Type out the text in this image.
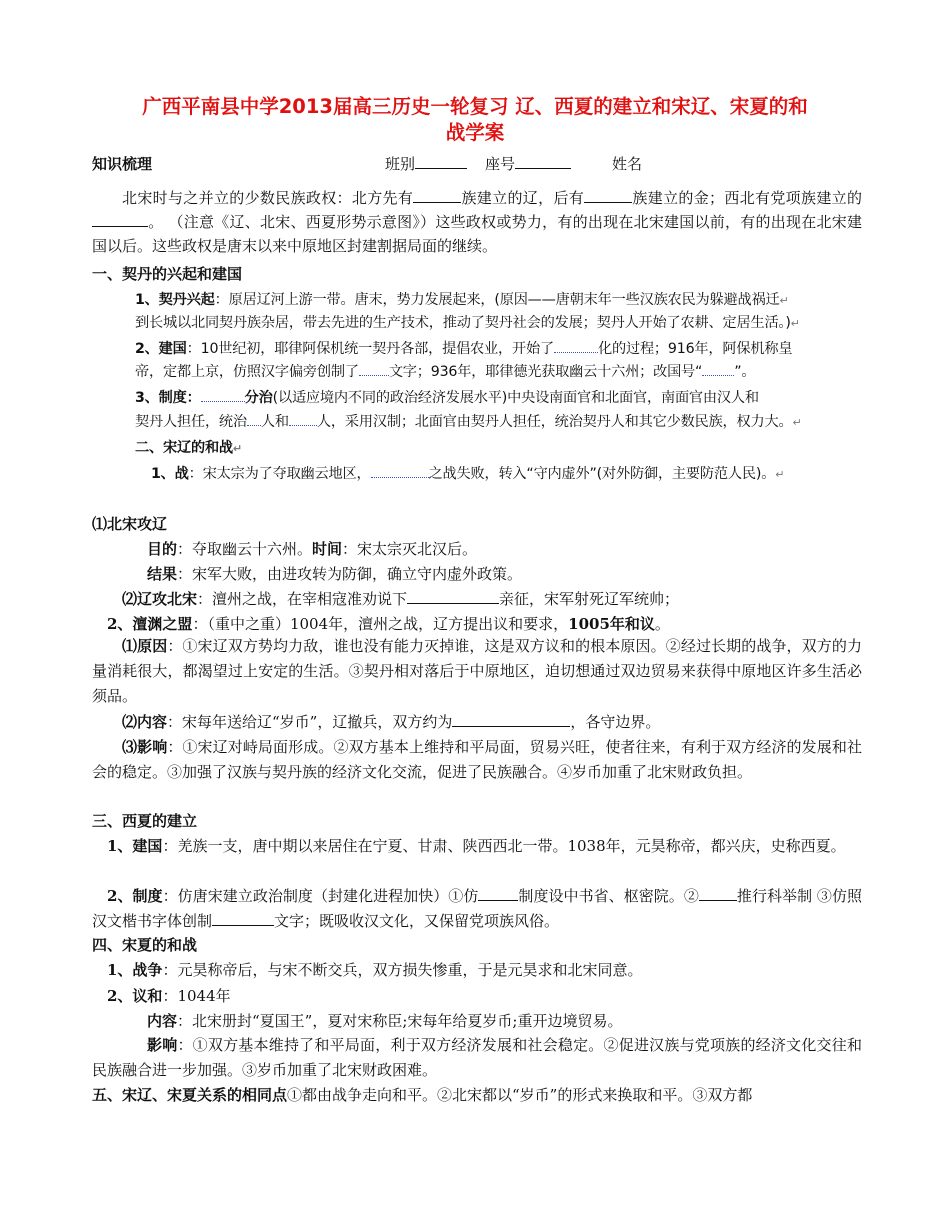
广西平南县中学2013届高三历史一轮复习 辽、西夏的建立和宋辽、宋夏的和
战学案
知识梳理	班别	座号	姓名

北宋时与之并立的少数民族政权：北方先有	族建立的辽，后有	族建立的金；西北有党项族建立的。 （注意《辽、北宋、西夏形势示意图》）这些政权或势力，有的出现在北宋建国以前，有的出现在北宋建国以后。这些政权是唐末以来中原地区封建割据局面的继续。

一、契丹的兴起和建国
1、契丹兴起：原居辽河上游一带。唐末，势力发展起来，(原因——唐朝末年一些汉族农民为躲避战祸迁↵
到长城以北同契丹族杂居，带去先进的生产技术，推动了契丹社会的发展；契丹人开始了农耕、定居生活。)↵
2、建国：10世纪初，耶律阿保机统一契丹各部，提倡农业，开始了	化的过程；916年，阿保机称皇
帝，定都上京，仿照汉字偏旁创制了 文字；936年，耶律德光获取幽云十六州；改国号“ ”。
3、制度：	分治(以适应境内不同的政治经济发展水平)中央设南面官和北面官，南面官由汉人和
契丹人担任，统治 人和 人，采用汉制；北面官由契丹人担任，统治契丹人和其它少数民族，权力大。↵
二、宋辽的和战↵
1、战：宋太宗为了夺取幽云地区，	之战失败，转入“守内虚外”(对外防御，主要防范人民)。↵
⑴北宋攻辽
目的：夺取幽云十六州。时间：宋太宗灭北汉后。
结果：宋军大败，由进攻转为防御，确立守内虚外政策。
⑵辽攻北宋：澶州之战，在宰相寇准劝说下	亲征，宋军射死辽军统帅；
2、澶渊之盟：（重中之重）1004年，澶州之战，辽方提出议和要求，1005年和议。

⑴原因：①宋辽双方势均力敌，谁也没有能力灭掉谁，这是双方议和的根本原因。②经过长期的战争，双方的力量消耗很大，都渴望过上安定的生活。③契丹相对落后于中原地区，迫切想通过双边贸易来获得中原地区许多生活必须品。

⑵内容：宋每年送给辽“岁币”，辽撤兵，双方约为	，各守边界。

⑶影响：①宋辽对峙局面形成。②双方基本上维持和平局面，贸易兴旺，使者往来，有利于双方经济的发展和社会的稳定。③加强了汉族与契丹族的经济文化交流，促进了民族融合。④岁币加重了北宋财政负担。

三、西夏的建立

1、建国：羌族一支，唐中期以来居住在宁夏、甘肃、陕西西北一带。1038年，元昊称帝，都兴庆，史称西夏。

2、制度：仿唐宋建立政治制度（封建化进程加快）①仿	制度设中书省、枢密院。②	推行科举制 ③仿照汉文楷书字体创制	文字；既吸收汉文化，又保留党项族风俗。

四、宋夏的和战
1、战争：元昊称帝后，与宋不断交兵，双方损失惨重，于是元昊求和北宋同意。
2、议和：1044年
内容：北宋册封“夏国王”，夏对宋称臣;宋每年给夏岁币;重开边境贸易。

影响：①双方基本维持了和平局面，利于双方经济发展和社会稳定。②促进汉族与党项族的经济文化交往和民族融合进一步加强。③岁币加重了北宋财政困难。

五、宋辽、宋夏关系的相同点①都由战争走向和平。②北宋都以“岁币”的形式来换取和平。③双方都
